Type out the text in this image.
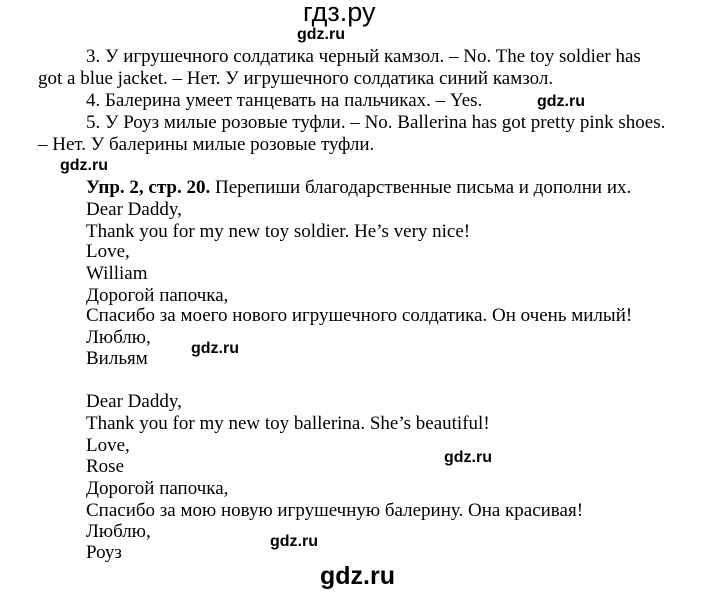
гдз.ру
gdz.ru
3. У игрушечного солдатика черный камзол. – No. The toy soldier has
got a blue jacket. – Нет. У игрушечного солдатика синий камзол.
4. Балерина умеет танцевать на пальчиках. – Yes.	gdz.ru
5. У Роуз милые розовые туфли. – No. Ballerina has got pretty pink shoes.
– Нет. У балерины милые розовые туфли.
gdz.ru
Упр. 2, стр. 20. Перепиши благодарственные письма и дополни их.
Dear Daddy,
Thank you for my new toy soldier. He’s very nice!
Love,
William
Дорогой папочка,
Спасибо за моего нового игрушечного солдатика. Он очень милый!
Люблю,
gdz.ru
Вильям
Dear Daddy,
Thank you for my new toy ballerina. She’s beautiful!
Love,
Rose	gdz.ru
Дорогой папочка,
Спасибо за мою новую игрушечную балерину. Она красивая!
Люблю,	gdz.ru
Роуз
gdz.ru
